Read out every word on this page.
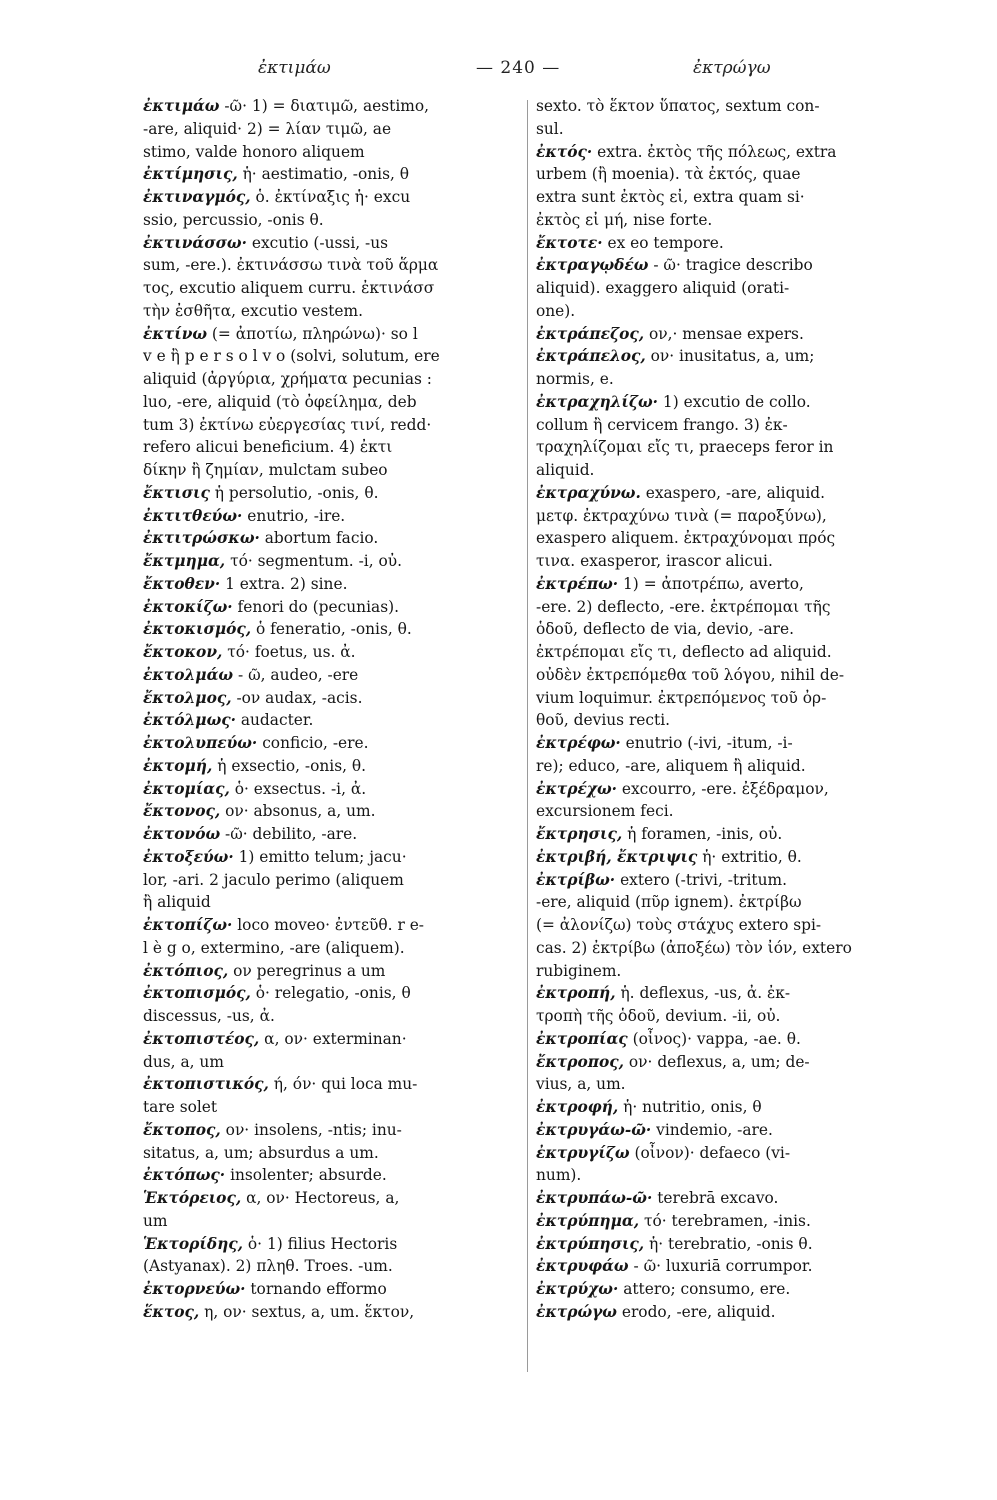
ἐκτιμάω	— 240 —	ἐκτρώγω
ἐκτιμάω -ῶ· 1) = διατιμῶ, aestimo,
-are, aliquid· 2) = λίαν τιμῶ, ae
stimo, valde honoro aliquem
ἐκτίμησις, ἡ· aestimatio, -onis, θ
ἐκτιναγμός, ὁ. ἐκτίναξις ἡ· excu
ssio, percussio, -onis θ.
ἐκτινάσσω· excutio (-ussi, -us
sum, -ere.). ἐκτινάσσω τινὰ τοῦ ἅρμα
τος, excutio aliquem curru. ἐκτινάσσ
τὴν ἐσθῆτα, excutio vestem.
ἐκτίνω (= ἀποτίω, πληρώνω)· so l
v e ἢ p e r s o l v o (solvi, solutum, ere
aliquid (ἀργύρια, χρήματα pecunias :
luo, -ere, aliquid (τὸ ὀφείλημα, deb
tum 3) ἐκτίνω εὐεργεσίας τινί, redd·
refero alicui beneficium. 4) ἐκτι
δίκην ἢ ζημίαν, mulctam subeo
ἔκτισις ἡ persolutio, -onis, θ.
ἐκτιτθεύω· enutrio, -ire.
ἐκτιτρώσκω· abortum facio.
ἔκτμημα, τό· segmentum. -i, οὐ.
ἔκτοθεν· 1 extra. 2) sine.
ἐκτοκίζω· fenori do (pecunias).
ἐκτοκισμός, ὁ feneratio, -onis, θ.
ἔκτοκον, τό· foetus, us. ἀ.
ἐκτολμάω - ῶ, audeo, -ere
ἔκτολμος, -ον audax, -acis.
ἐκτόλμως· audacter.
ἐκτολυπεύω· conficio, -ere.
ἐκτομή, ἡ exsectio, -onis, θ.
ἐκτομίας, ὁ· exsectus. -i, ἀ.
ἔκτονος, ον· absonus, a, um.
ἐκτονόω -ῶ· debilito, -are.
ἐκτοξεύω· 1) emitto telum; jacu·
lor, -ari. 2 jaculo perimo (aliquem
ἢ aliquid
ἐκτοπίζω· loco moveo· ἐντεῦθ. r e-
l è g o, extermino, -are (aliquem).
ἐκτόπιος, ον peregrinus a um
ἐκτοπισμός, ὁ· relegatio, -onis, θ
discessus, -us, ἀ.
ἐκτοπιστέος, α, ον· exterminan·
dus, a, um
ἐκτοπιστικός, ή, όν· qui loca mu-
tare solet
ἔκτοπος, ον· insolens, -ntis; inu-
sitatus, a, um; absurdus a um.
ἐκτόπως· insolenter; absurde.
Ἑκτόρειος, α, ον· Hectoreus, a,
um
Ἑκτορίδης, ὁ· 1) filius Hectoris
(Astyanax). 2) πληθ. Troes. -um.
ἐκτορνεύω· tornando efformo
ἕκτος, η, ον· sextus, a, um. ἕκτον,
sexto. τὸ ἕκτον ὕπατος, sextum con-
sul.
ἐκτός· extra. ἐκτὸς τῆς πόλεως, extra
urbem (ἢ moenia). τὰ ἐκτός, quae
extra sunt ἐκτὸς εἰ, extra quam si·
ἐκτὸς εἰ μή, nise forte.
ἔκτοτε· ex eo tempore.
ἐκτραγῳδέω - ῶ· tragice describo
aliquid). exaggero aliquid (orati-
one).
ἐκτράπεζος, ον,· mensae expers.
ἐκτράπελος, ον· inusitatus, a, um;
normis, e.
ἐκτραχηλίζω· 1) excutio de collo.
collum ἢ cervicem frango. 3) ἐκ-
τραχηλίζομαι εἴς τι, praeceps feror in
aliquid.
ἐκτραχύνω. exaspero, -are, aliquid.
μετφ. ἐκτραχύνω τινὰ (= παροξύνω),
exaspero aliquem. ἐκτραχύνομαι πρός
τινα. exasperor, irascor alicui.
ἐκτρέπω· 1) = ἀποτρέπω, averto,
-ere. 2) deflecto, -ere. ἐκτρέπομαι τῆς
ὁδοῦ, deflecto de via, devio, -are.
ἐκτρέπομαι εἴς τι, deflecto ad aliquid.
οὐδὲν ἐκτρεπόμεθα τοῦ λόγου, nihil de-
vium loquimur. ἐκτρεπόμενος τοῦ ὀρ-
θοῦ, devius recti.
ἐκτρέφω· enutrio (-ivi, -itum, -i-
re); educo, -are, aliquem ἢ aliquid.
ἐκτρέχω· excourro, -ere. ἐξέδραμον,
excursionem feci.
ἔκτρησις, ἡ foramen, -inis, οὐ.
ἐκτριβή, ἔκτριψις ἡ· extritio, θ.
ἐκτρίβω· extero (-trivi, -tritum.
-ere, aliquid (πῦρ ignem). ἐκτρίβω
(= ἀλονίζω) τοὺς στάχυς extero spi-
cas. 2) ἐκτρίβω (ἀποξέω) τὸν ἰόν, extero
rubiginem.
ἐκτροπή, ἡ. deflexus, -us, ἀ. ἐκ-
τροπὴ τῆς ὁδοῦ, devium. -ii, οὐ.
ἐκτροπίας (οἶνος)· vappa, -ae. θ.
ἔκτροπος, ον· deflexus, a, um; de-
vius, a, um.
ἐκτροφή, ἡ· nutritio, onis, θ
ἐκτρυγάω-ῶ· vindemio, -are.
ἐκτρυγίζω (οἶνον)· defaeco (vi-
num).
ἐκτρυπάω-ῶ· terebrā excavo.
ἐκτρύπημα, τό· terebramen, -inis.
ἐκτρύπησις, ἡ· terebratio, -onis θ.
ἐκτρυφάω - ῶ· luxuriā corrumpor.
ἐκτρύχω· attero; consumo, ere.
ἐκτρώγω erodo, -ere, aliquid.
